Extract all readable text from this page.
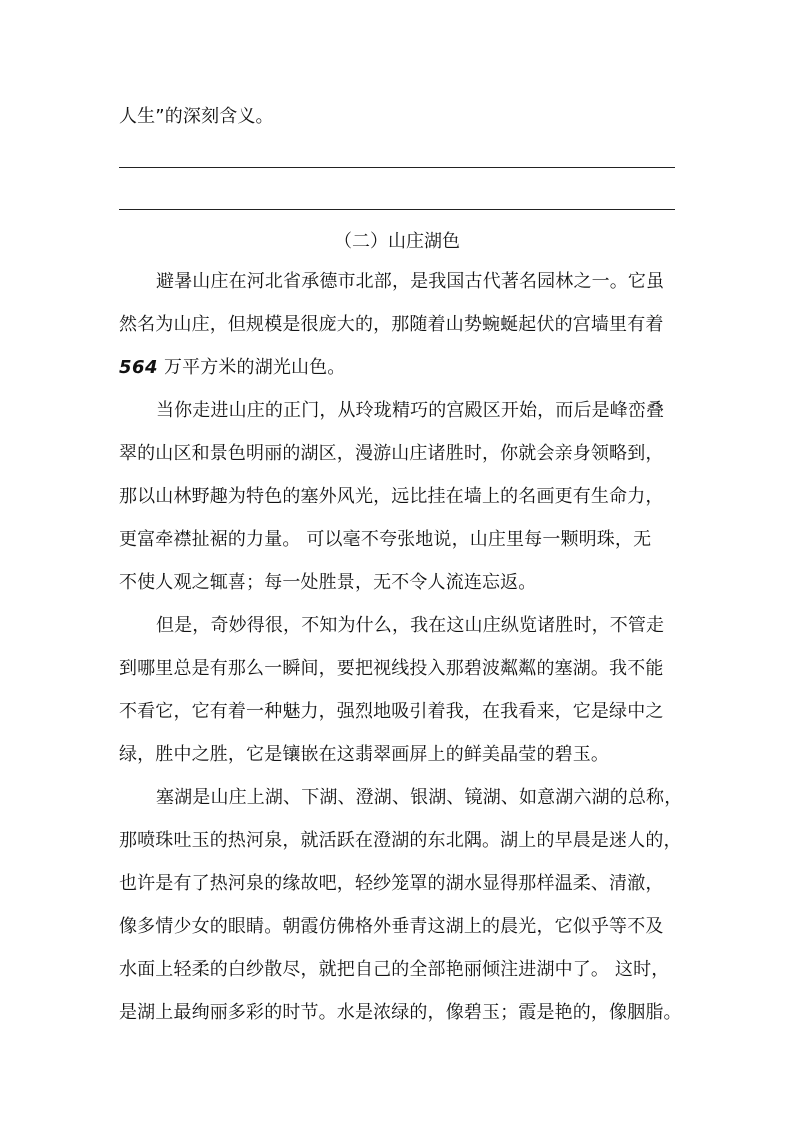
人生”的深刻含义。
（二）山庄湖色
避暑山庄在河北省承德市北部，是我国古代著名园林之一。它虽
然名为山庄，但规模是很庞大的，那随着山势蜿蜒起伏的宫墙里有着
564 万平方米的湖光山色。
当你走进山庄的正门，从玲珑精巧的宫殿区开始，而后是峰峦叠
翠的山区和景色明丽的湖区，漫游山庄诸胜时，你就会亲身领略到，
那以山林野趣为特色的塞外风光，远比挂在墙上的名画更有生命力，
更富牵襟扯裾的力量。 可以毫不夸张地说，山庄里每一颗明珠，无
不使人观之辄喜；每一处胜景，无不令人流连忘返。
但是，奇妙得很，不知为什么，我在这山庄纵览诸胜时，不管走
到哪里总是有那么一瞬间，要把视线投入那碧波粼粼的塞湖。我不能
不看它，它有着一种魅力，强烈地吸引着我，在我看来，它是绿中之
绿，胜中之胜，它是镶嵌在这翡翠画屏上的鲜美晶莹的碧玉。
塞湖是山庄上湖、下湖、澄湖、银湖、镜湖、如意湖六湖的总称，
那喷珠吐玉的热河泉，就活跃在澄湖的东北隅。湖上的早晨是迷人的，
也许是有了热河泉的缘故吧，轻纱笼罩的湖水显得那样温柔、清澈，
像多情少女的眼睛。朝霞仿佛格外垂青这湖上的晨光，它似乎等不及
水面上轻柔的白纱散尽，就把自己的全部艳丽倾注进湖中了。 这时，
是湖上最绚丽多彩的时节。水是浓绿的，像碧玉；霞是艳的，像胭脂。
